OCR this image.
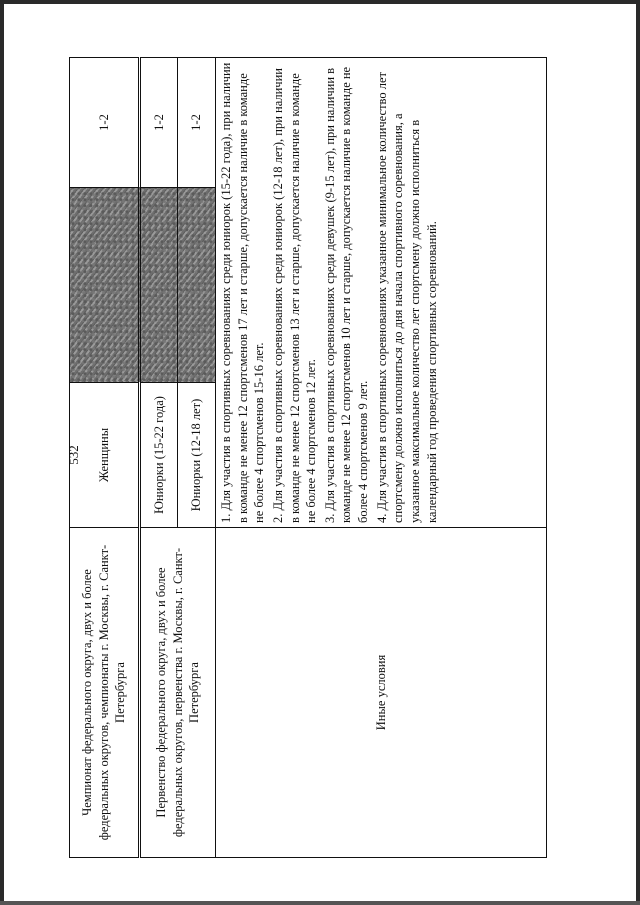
532
Чемпионат федерального округа, двух и более федеральных округов, чемпионаты г. Москвы, г. Санкт-Петербурга	Женщины		1-2
Первенство федерального округа, двух и более федеральных округов, первенства г. Москвы, г. Санкт-Петербурга	Юниорки (15-22 года)		1-2
	Юниорки (12-18 лет)		1-2
Иные условия	1. Для участия в спортивных соревнованиях среди юниорок (15-22 года), при наличии в команде не менее 12 спортсменов 17 лет и старше, допускается наличие в команде не более 4 спортсменов 15-16 лет. 2. Для участия в спортивных соревнованиях среди юниорок (12-18 лет), при наличии в команде не менее 12 спортсменов 13 лет и старше, допускается наличие в команде не более 4 спортсменов 12 лет. 3. Для участия в спортивных соревнованиях среди девушек (9-15 лет), при наличии в команде не менее 12 спортсменов 10 лет и старше, допускается наличие в команде не более 4 спортсменов 9 лет. 4. Для участия в спортивных соревнованиях указанное минимальное количество лет спортсмену должно исполниться до дня начала спортивного соревнования, а указанное максимальное количество лет спортсмену должно исполниться в календарный год проведения спортивных соревнований.		
